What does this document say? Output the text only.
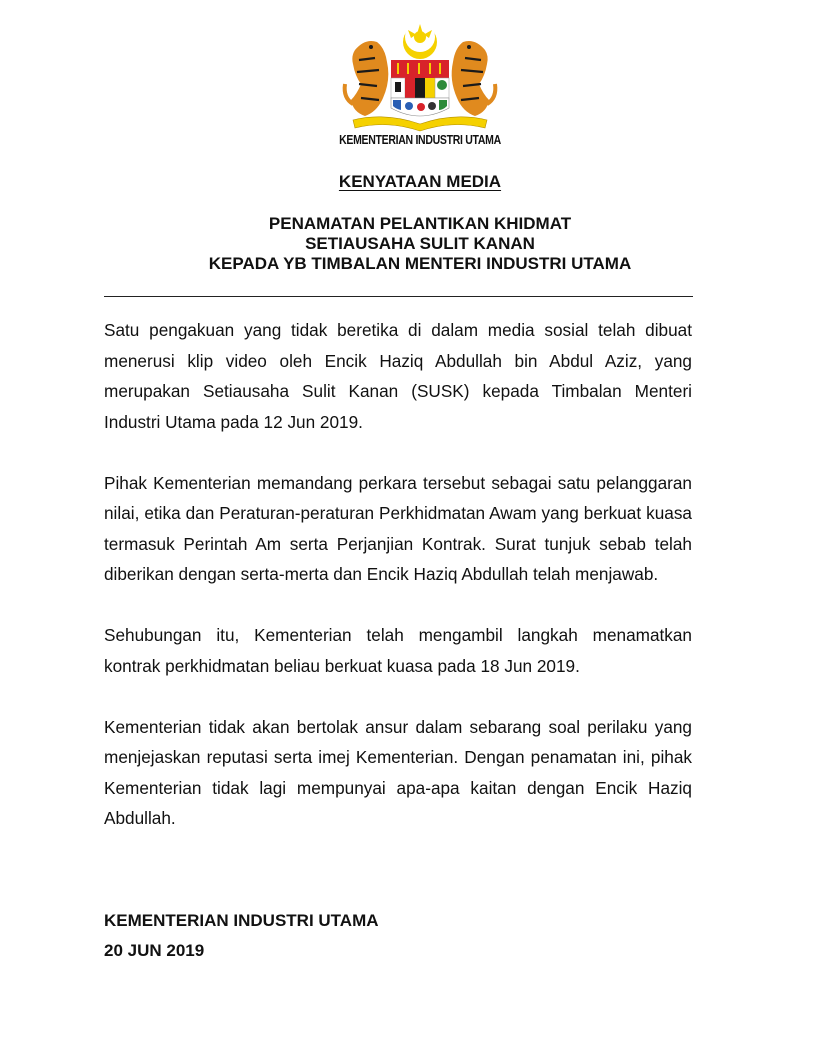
KEMENTERIAN INDUSTRI UTAMA
KENYATAAN MEDIA
PENAMATAN PELANTIKAN KHIDMAT
SETIAUSAHA SULIT KANAN
KEPADA YB TIMBALAN MENTERI INDUSTRI UTAMA

Satu pengakuan yang tidak beretika di dalam media sosial telah dibuat menerusi klip video oleh Encik Haziq Abdullah bin Abdul Aziz, yang merupakan Setiausaha Sulit Kanan (SUSK) kepada Timbalan Menteri Industri Utama pada 12 Jun 2019.

Pihak Kementerian memandang perkara tersebut sebagai satu pelanggaran nilai, etika dan Peraturan-peraturan Perkhidmatan Awam yang berkuat kuasa termasuk Perintah Am serta Perjanjian Kontrak. Surat tunjuk sebab telah diberikan dengan serta-merta dan Encik Haziq Abdullah telah menjawab.

Sehubungan itu, Kementerian telah mengambil langkah menamatkan kontrak perkhidmatan beliau berkuat kuasa pada 18 Jun 2019.

Kementerian tidak akan bertolak ansur dalam sebarang soal perilaku yang menjejaskan reputasi serta imej Kementerian. Dengan penamatan ini, pihak Kementerian tidak lagi mempunyai apa-apa kaitan dengan Encik Haziq Abdullah.

KEMENTERIAN INDUSTRI UTAMA
20 JUN 2019
